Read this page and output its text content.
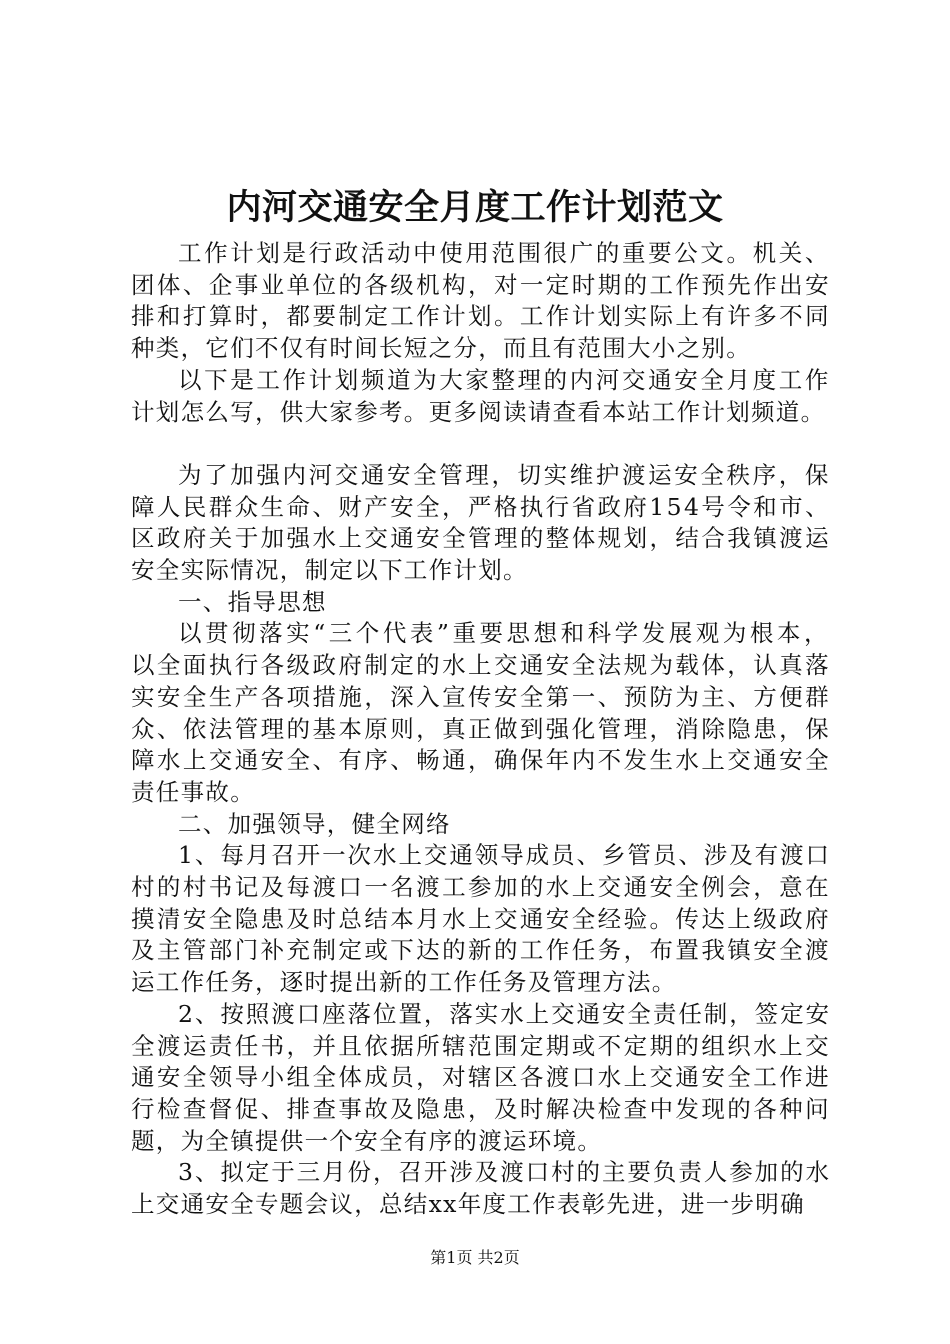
内河交通安全月度工作计划范文
工作计划是行政活动中使用范围很广的重要公文。机关、
团体、企事业单位的各级机构，对一定时期的工作预先作出安
排和打算时，都要制定工作计划。工作计划实际上有许多不同
种类，它们不仅有时间长短之分，而且有范围大小之别。
以下是工作计划频道为大家整理的内河交通安全月度工作
计划怎么写，供大家参考。更多阅读请查看本站工作计划频道。
为了加强内河交通安全管理，切实维护渡运安全秩序，保
障人民群众生命、财产安全，严格执行省政府154号令和市、
区政府关于加强水上交通安全管理的整体规划，结合我镇渡运
安全实际情况，制定以下工作计划。
一、指导思想
以贯彻落实“三个代表”重要思想和科学发展观为根本，
以全面执行各级政府制定的水上交通安全法规为载体，认真落
实安全生产各项措施，深入宣传安全第一、预防为主、方便群
众、依法管理的基本原则，真正做到强化管理，消除隐患，保
障水上交通安全、有序、畅通，确保年内不发生水上交通安全
责任事故。
二、加强领导，健全网络
1、每月召开一次水上交通领导成员、乡管员、涉及有渡口
村的村书记及每渡口一名渡工参加的水上交通安全例会，意在
摸清安全隐患及时总结本月水上交通安全经验。传达上级政府
及主管部门补充制定或下达的新的工作任务，布置我镇安全渡
运工作任务，逐时提出新的工作任务及管理方法。
2、按照渡口座落位置，落实水上交通安全责任制，签定安
全渡运责任书，并且依据所辖范围定期或不定期的组织水上交
通安全领导小组全体成员，对辖区各渡口水上交通安全工作进
行检查督促、排查事故及隐患，及时解决检查中发现的各种问
题，为全镇提供一个安全有序的渡运环境。
3、拟定于三月份，召开涉及渡口村的主要负责人参加的水
上交通安全专题会议，总结xx年度工作表彰先进，进一步明确
第1页 共2页
